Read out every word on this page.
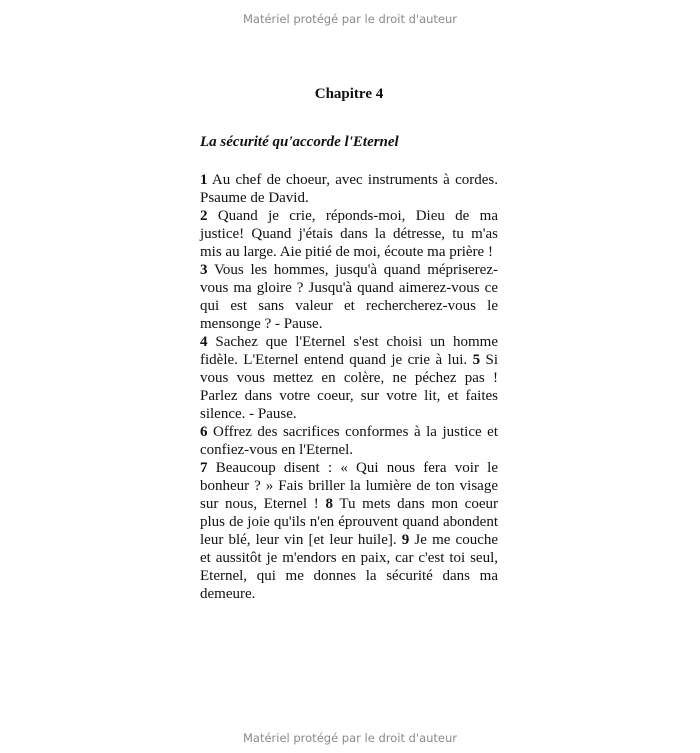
Matériel protégé par le droit d'auteur
Chapitre 4
La sécurité qu'accorde l'Eternel

1 Au chef de choeur, avec instruments à cordes. Psaume de David.

2 Quand je crie, réponds-moi, Dieu de ma justice! Quand j'étais dans la détresse, tu m'as mis au large. Aie pitié de moi, écoute ma prière !

3 Vous les hommes, jusqu'à quand mépriserez-vous ma gloire ? Jusqu'à quand aimerez-vous ce qui est sans valeur et rechercherez-vous le mensonge ? - Pause.

4 Sachez que l'Eternel s'est choisi un homme fidèle. L'Eternel entend quand je crie à lui. 5 Si vous vous mettez en colère, ne péchez pas ! Parlez dans votre coeur, sur votre lit, et faites silence. - Pause.

6 Offrez des sacrifices conformes à la justice et confiez-vous en l'Eternel.

7 Beaucoup disent : « Qui nous fera voir le bonheur ? » Fais briller la lumière de ton visage sur nous, Eternel ! 8 Tu mets dans mon coeur plus de joie qu'ils n'en éprouvent quand abondent leur blé, leur vin [et leur huile]. 9 Je me couche et aussitôt je m'endors en paix, car c'est toi seul, Eternel, qui me donnes la sécurité dans ma demeure.

Matériel protégé par le droit d'auteur
